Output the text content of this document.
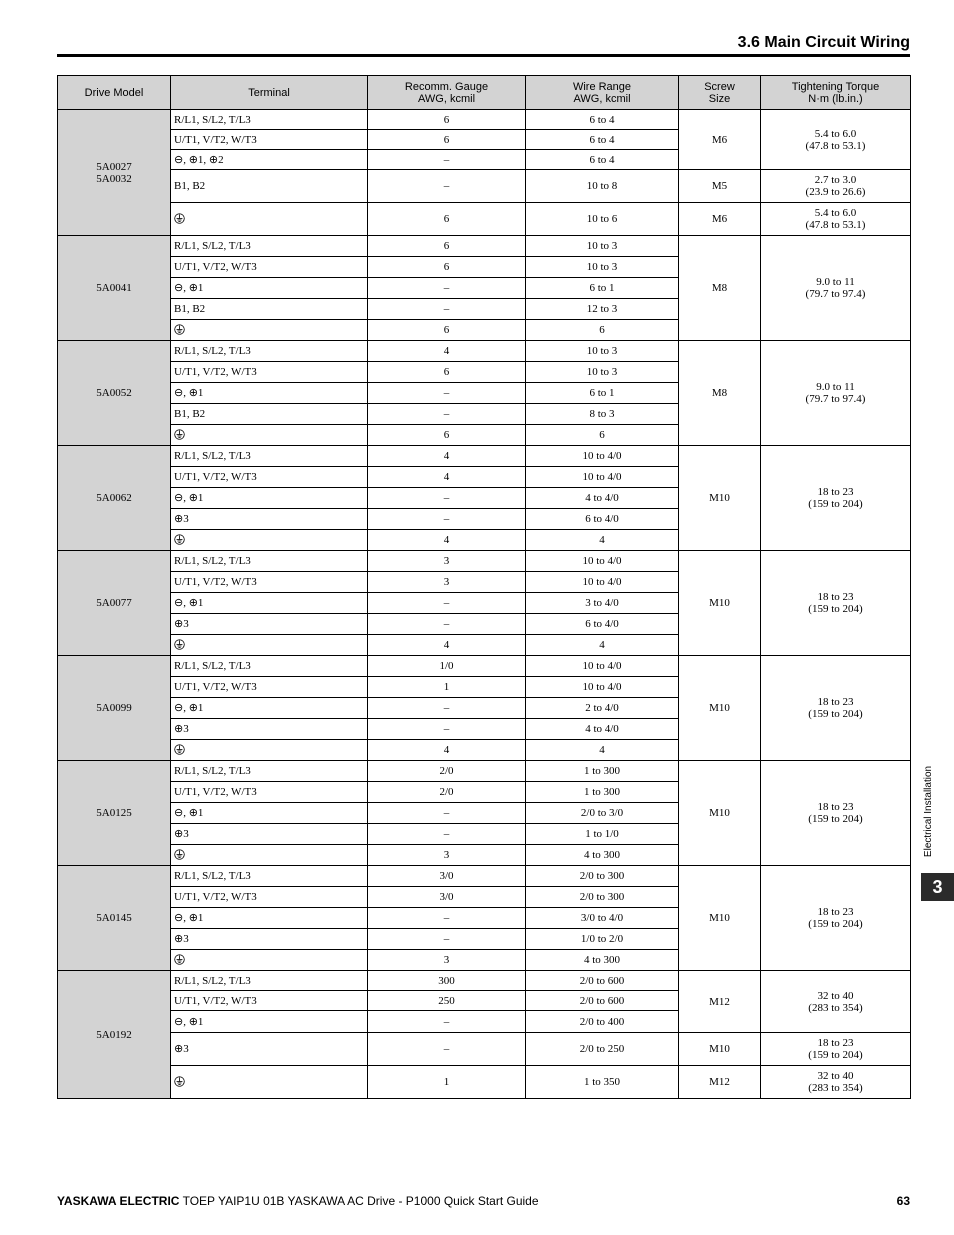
3.6 Main Circuit Wiring
Drive Model	Terminal	Recomm. Gauge
AWG, kcmil	Wire Range
AWG, kcmil	Screw
Size	Tightening Torque
N·m (lb.in.)

5A0027
5A0032	R/L1, S/L2, T/L3	6	6 to 4	M6	5.4 to 6.0
(47.8 to 53.1)

	U/T1, V/T2, W/T3	6	6 to 4		
	⊖, ⊕1, ⊕2	–	6 to 4		
	B1, B2	–	10 to 8	M5	2.7 to 3.0
(23.9 to 26.6)

	6	10 to 6	M6	5.4 to 6.0
(47.8 to 53.1)

5A0041	R/L1, S/L2, T/L3	6	10 to 3	M8	9.0 to 11
(79.7 to 97.4)

	U/T1, V/T2, W/T3	6	10 to 3		
	⊖, ⊕1	–	6 to 1		
	B1, B2	–	12 to 3		
	6	6		

5A0052	R/L1, S/L2, T/L3	4	10 to 3	M8	9.0 to 11
(79.7 to 97.4)

	U/T1, V/T2, W/T3	6	10 to 3		
	⊖, ⊕1	–	6 to 1		
	B1, B2	–	8 to 3		
	6	6		

5A0062	R/L1, S/L2, T/L3	4	10 to 4/0	M10	18 to 23
(159 to 204)

	U/T1, V/T2, W/T3	4	10 to 4/0		
	⊖, ⊕1	–	4 to 4/0		
	⊕3	–	6 to 4/0		
	4	4		

5A0077	R/L1, S/L2, T/L3	3	10 to 4/0	M10	18 to 23
(159 to 204)

	U/T1, V/T2, W/T3	3	10 to 4/0		
	⊖, ⊕1	–	3 to 4/0		
	⊕3	–	6 to 4/0		
	4	4		

5A0099	R/L1, S/L2, T/L3	1/0	10 to 4/0	M10	18 to 23
(159 to 204)

	U/T1, V/T2, W/T3	1	10 to 4/0		
	⊖, ⊕1	–	2 to 4/0		
	⊕3	–	4 to 4/0		
	4	4		

5A0125	R/L1, S/L2, T/L3	2/0	1 to 300	M10	18 to 23
(159 to 204)

	U/T1, V/T2, W/T3	2/0	1 to 300		
	⊖, ⊕1	–	2/0 to 3/0		
	⊕3	–	1 to 1/0		
	3	4 to 300		

5A0145	R/L1, S/L2, T/L3	3/0	2/0 to 300	M10	18 to 23
(159 to 204)

	U/T1, V/T2, W/T3	3/0	2/0 to 300		
	⊖, ⊕1	–	3/0 to 4/0		
	⊕3	–	1/0 to 2/0		
	3	4 to 300		

5A0192	R/L1, S/L2, T/L3	300	2/0 to 600	M12	32 to 40
(283 to 354)

	U/T1, V/T2, W/T3	250	2/0 to 600		
	⊖, ⊕1	–	2/0 to 400		
	⊕3	–	2/0 to 250	M10	18 to 23
(159 to 204)

	1	1 to 350	M12	32 to 40
(283 to 354)
Electrical Installation
3
YASKAWA ELECTRIC TOEP YAIP1U 01B YASKAWA AC Drive - P1000 Quick Start Guide	63
